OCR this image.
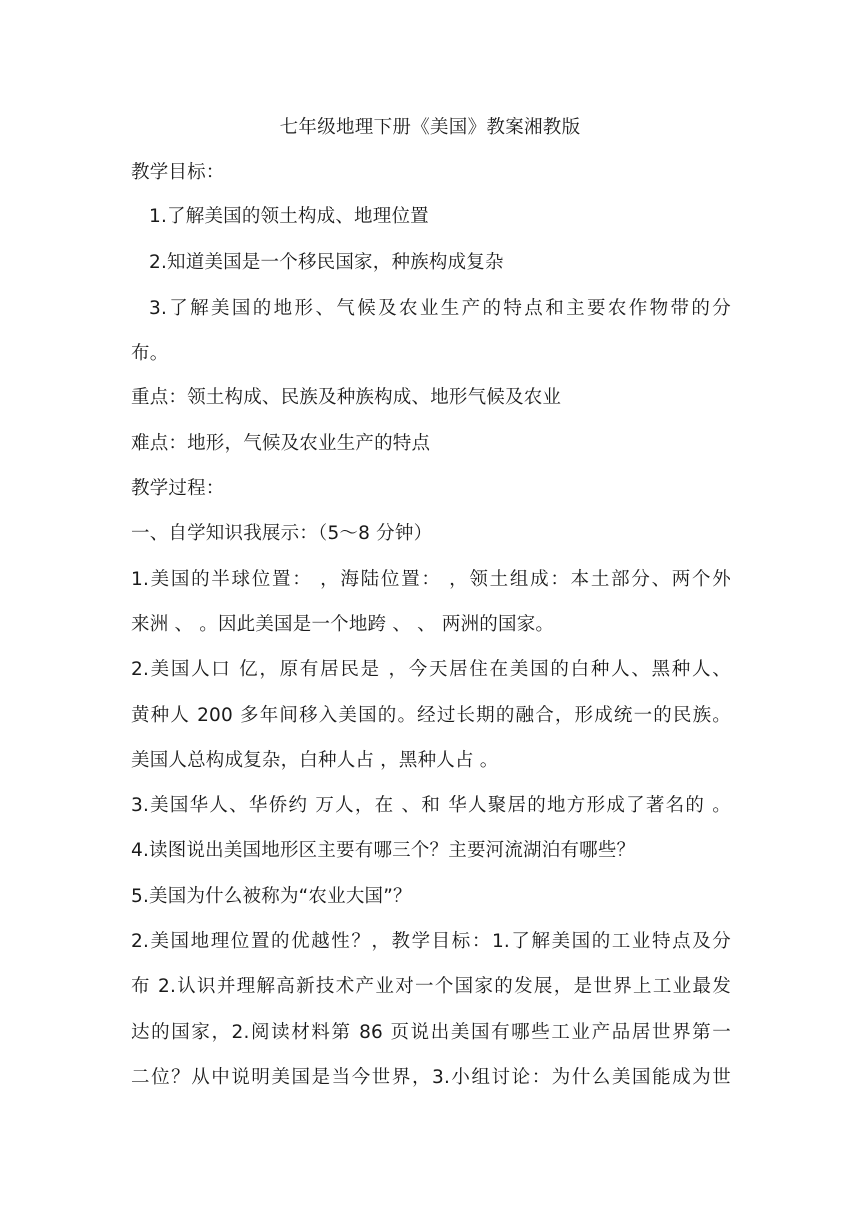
七年级地理下册《美国》教案湘教版
教学目标：
1.了解美国的领土构成、地理位置
2.知道美国是一个移民国家，种族构成复杂
3.了解美国的地形、气候及农业生产的特点和主要农作物带的分
布。
重点：领土构成、民族及种族构成、地形气候及农业
难点：地形，气候及农业生产的特点
教学过程：
一、自学知识我展示：（5～8 分钟）
1.美国的半球位置： ，海陆位置： ，领土组成：本土部分、两个外
来洲 、 。因此美国是一个地跨 、 、 两洲的国家。
2.美国人口 亿，原有居民是 ，今天居住在美国的白种人、黑种人、
黄种人 200 多年间移入美国的。经过长期的融合，形成统一的民族。
美国人总构成复杂，白种人占 ，黑种人占 。
3.美国华人、华侨约 万人，在 、和 华人聚居的地方形成了著名的 。
4.读图说出美国地形区主要有哪三个？主要河流湖泊有哪些？
5.美国为什么被称为“农业大国”？
2.美国地理位置的优越性？，教学目标：1.了解美国的工业特点及分
布 2.认识并理解高新技术产业对一个国家的发展，是世界上工业最发
达的国家，2.阅读材料第 86 页说出美国有哪些工业产品居世界第一
二位？从中说明美国是当今世界，3.小组讨论：为什么美国能成为世
